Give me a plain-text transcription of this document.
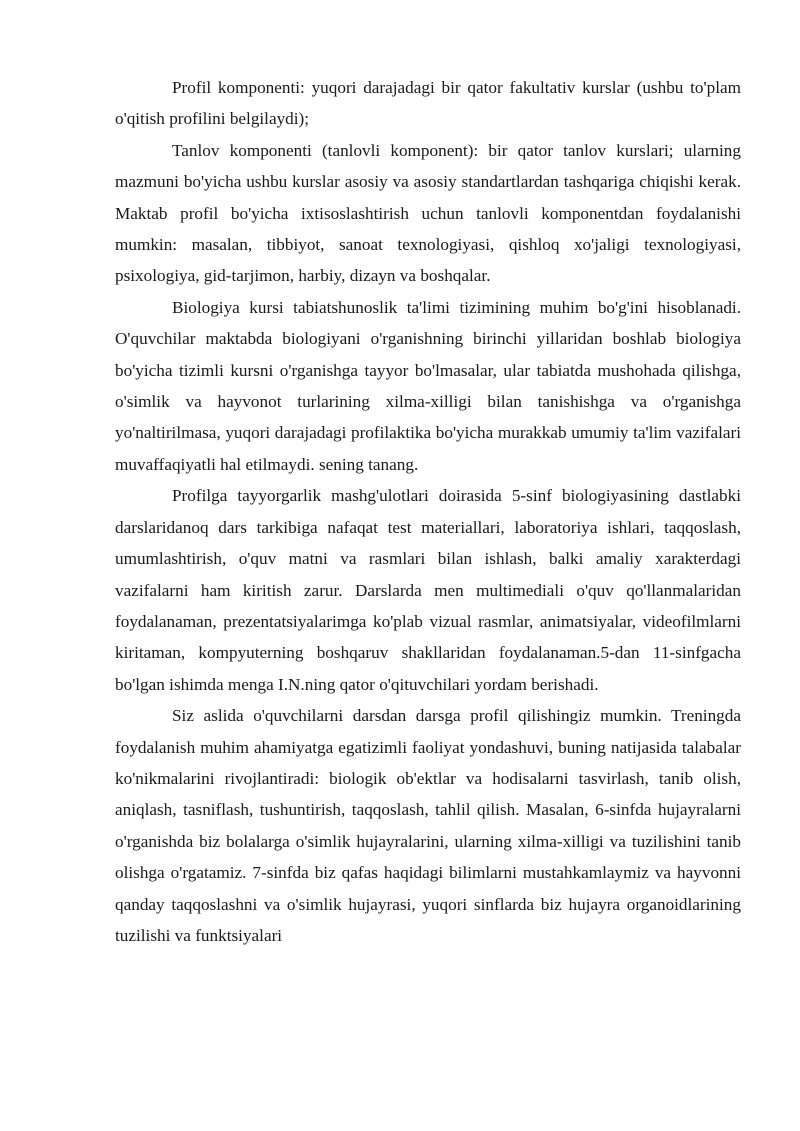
Profil komponenti: yuqori darajadagi bir qator fakultativ kurslar (ushbu to'plam o'qitish profilini belgilaydi);

Tanlov komponenti (tanlovli komponent): bir qator tanlov kurslari; ularning mazmuni bo'yicha ushbu kurslar asosiy va asosiy standartlardan tashqariga chiqishi kerak. Maktab profil bo'yicha ixtisoslashtirish uchun tanlovli komponentdan foydalanishi mumkin: masalan, tibbiyot, sanoat texnologiyasi, qishloq xo'jaligi texnologiyasi, psixologiya, gid-tarjimon, harbiy, dizayn va boshqalar.

Biologiya kursi tabiatshunoslik ta'limi tizimining muhim bo'g'ini hisoblanadi. O'quvchilar maktabda biologiyani o'rganishning birinchi yillaridan boshlab biologiya bo'yicha tizimli kursni o'rganishga tayyor bo'lmasalar, ular tabiatda mushohada qilishga, o'simlik va hayvonot turlarining xilma-xilligi bilan tanishishga va o'rganishga yo'naltirilmasa, yuqori darajadagi profilaktika bo'yicha murakkab umumiy ta'lim vazifalari muvaffaqiyatli hal etilmaydi. sening tanang.

Profilga tayyorgarlik mashg'ulotlari doirasida 5-sinf biologiyasining dastlabki darslaridanoq dars tarkibiga nafaqat test materiallari, laboratoriya ishlari, taqqoslash, umumlashtirish, o'quv matni va rasmlari bilan ishlash, balki amaliy xarakterdagi vazifalarni ham kiritish zarur. Darslarda men multimediali o'quv qo'llanmalaridan foydalanaman, prezentatsiyalarimga ko'plab vizual rasmlar, animatsiyalar, videofilmlarni kiritaman, kompyuterning boshqaruv shakllaridan foydalanaman.5-dan 11-sinfgacha bo'lgan ishimda menga I.N.ning qator o'qituvchilari yordam berishadi.

Siz aslida o'quvchilarni darsdan darsga profil qilishingiz mumkin. Treningda foydalanish muhim ahamiyatga egatizimli faoliyat yondashuvi, buning natijasida talabalar ko'nikmalarini rivojlantiradi: biologik ob'ektlar va hodisalarni tasvirlash, tanib olish, aniqlash, tasniflash, tushuntirish, taqqoslash, tahlil qilish. Masalan, 6-sinfda hujayralarni o'rganishda biz bolalarga o'simlik hujayralarini, ularning xilma-xilligi va tuzilishini tanib olishga o'rgatamiz. 7-sinfda biz qafas haqidagi bilimlarni mustahkamlaymiz va hayvonni qanday taqqoslashni va o'simlik hujayrasi, yuqori sinflarda biz hujayra organoidlarining tuzilishi va funktsiyalari
